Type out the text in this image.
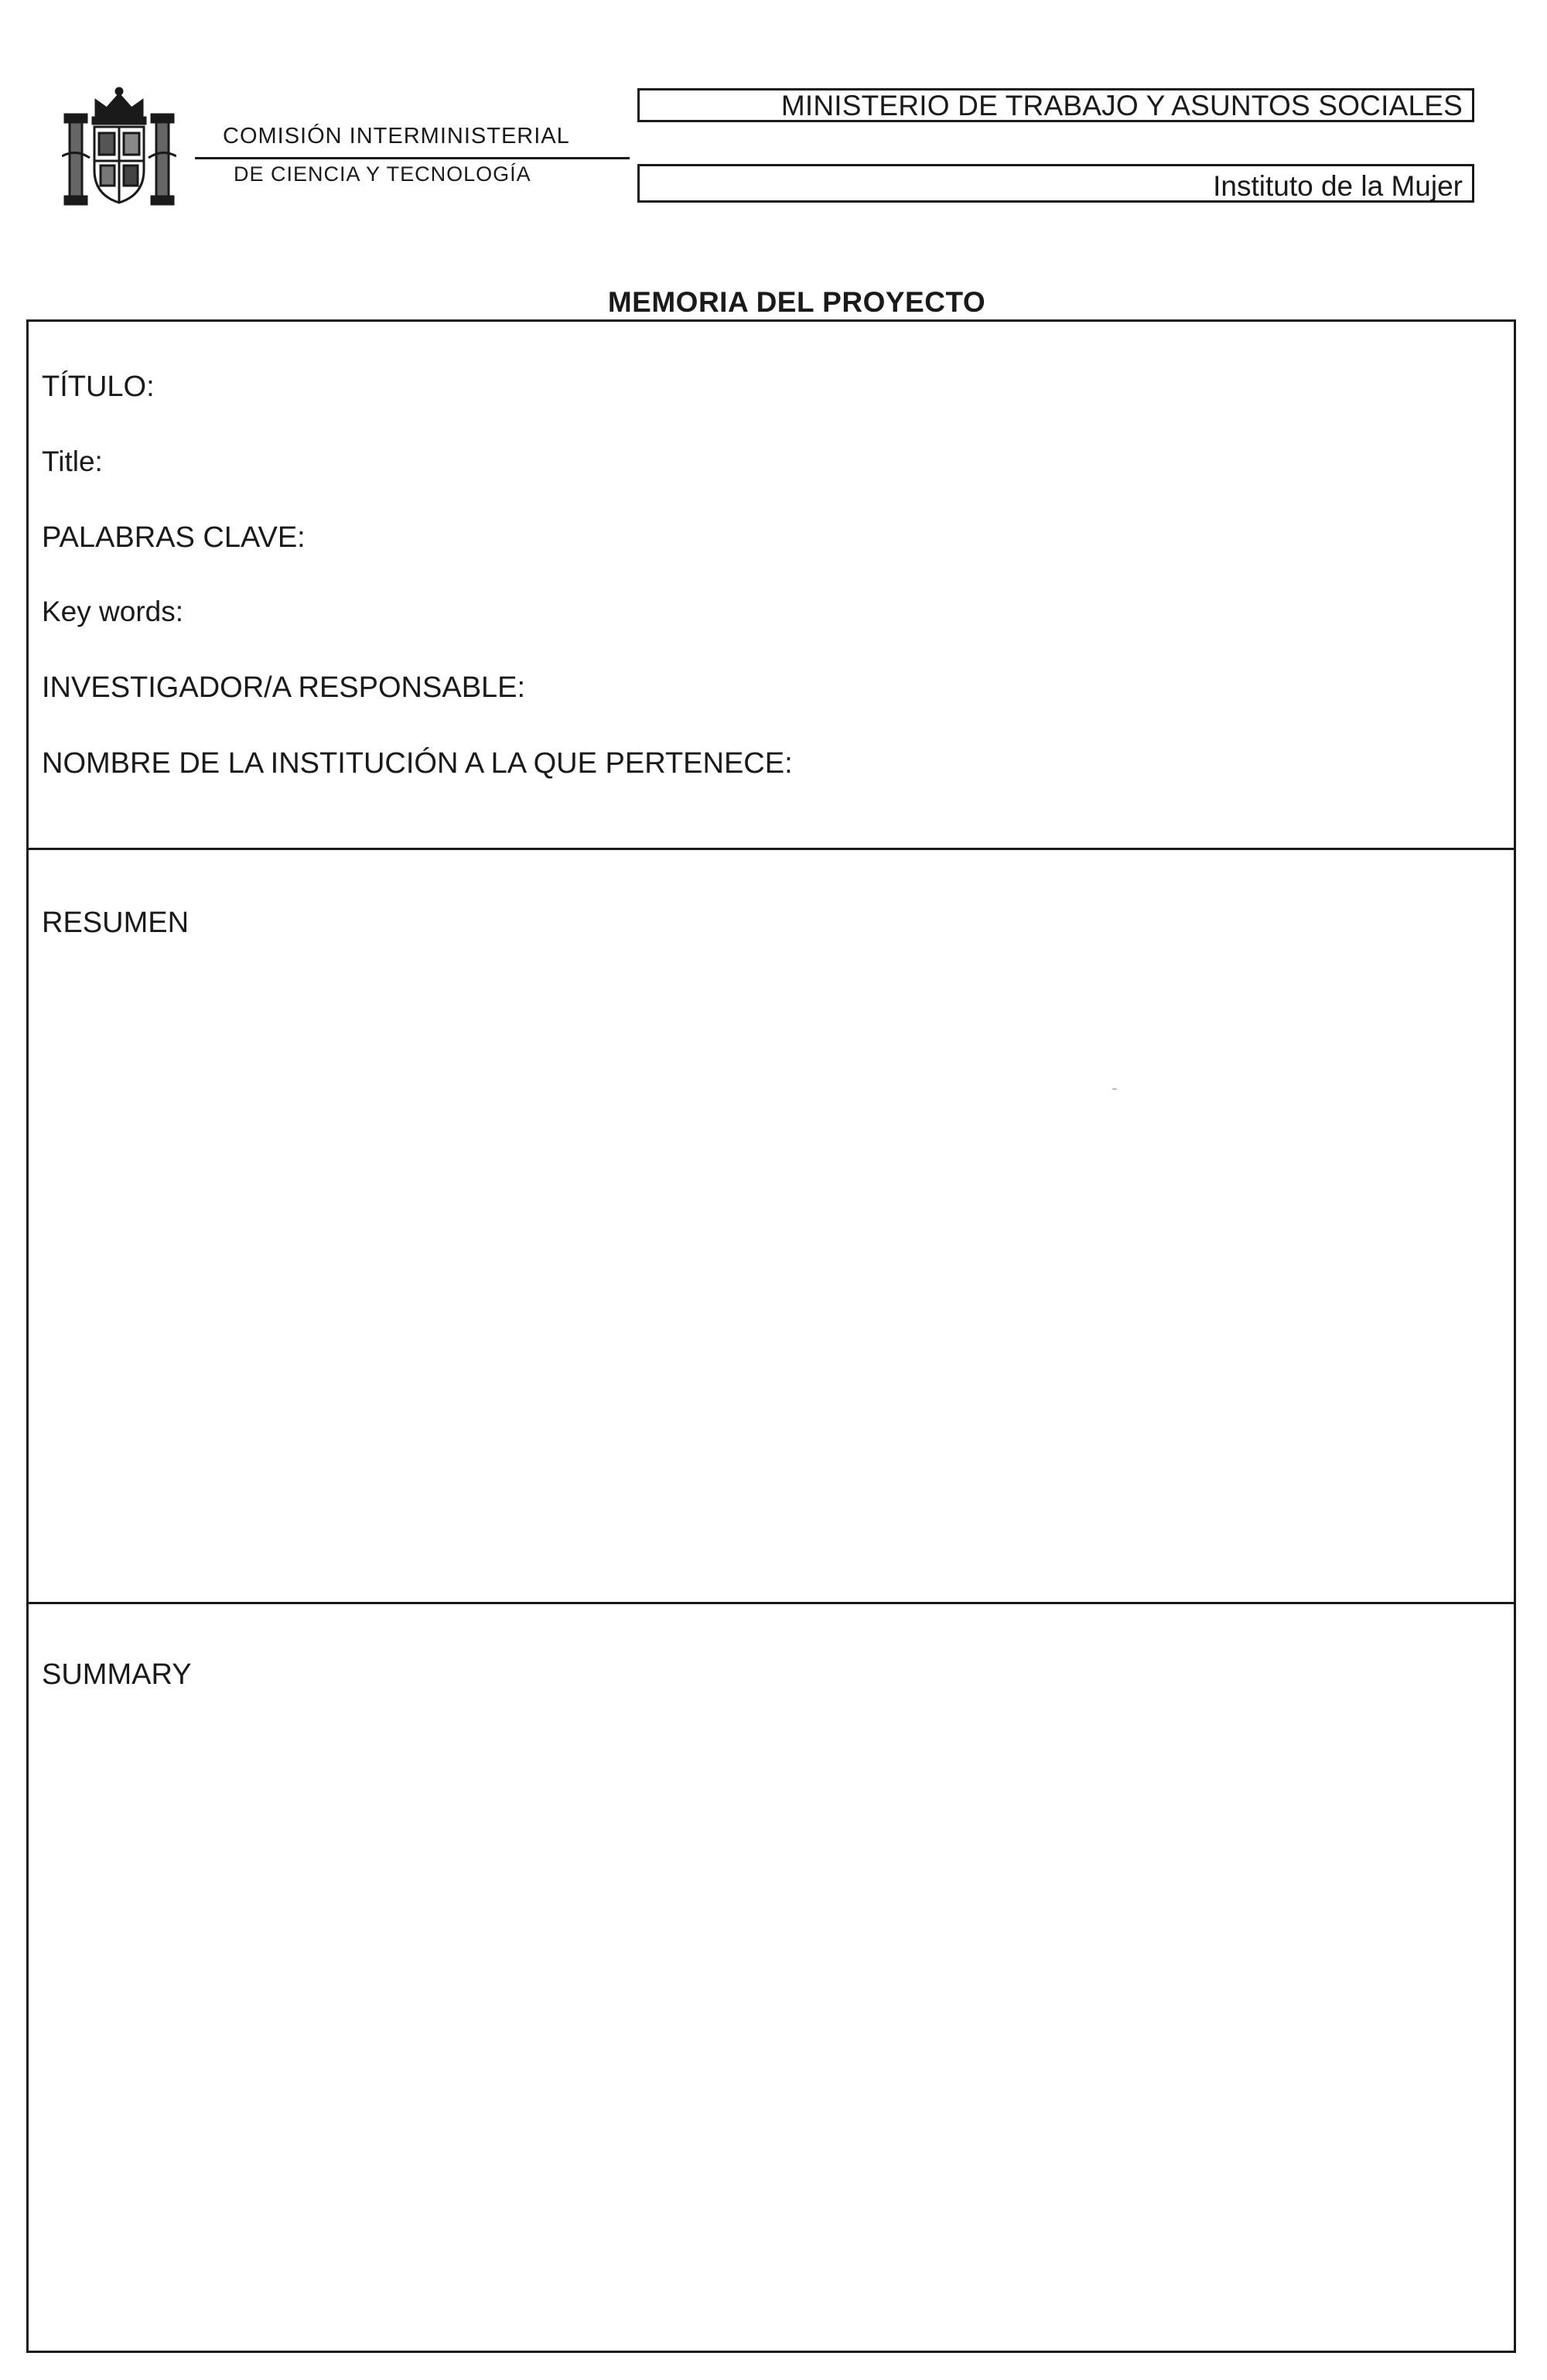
COMISIÓN INTERMINISTERIAL
DE CIENCIA Y TECNOLOGÍA
MINISTERIO DE TRABAJO Y ASUNTOS SOCIALES
Instituto de la Mujer
MEMORIA DEL PROYECTO
TÍTULO:
Title:
PALABRAS CLAVE:
Key words:
INVESTIGADOR/A RESPONSABLE:
NOMBRE DE LA INSTITUCIÓN A LA QUE PERTENECE:
RESUMEN
SUMMARY
